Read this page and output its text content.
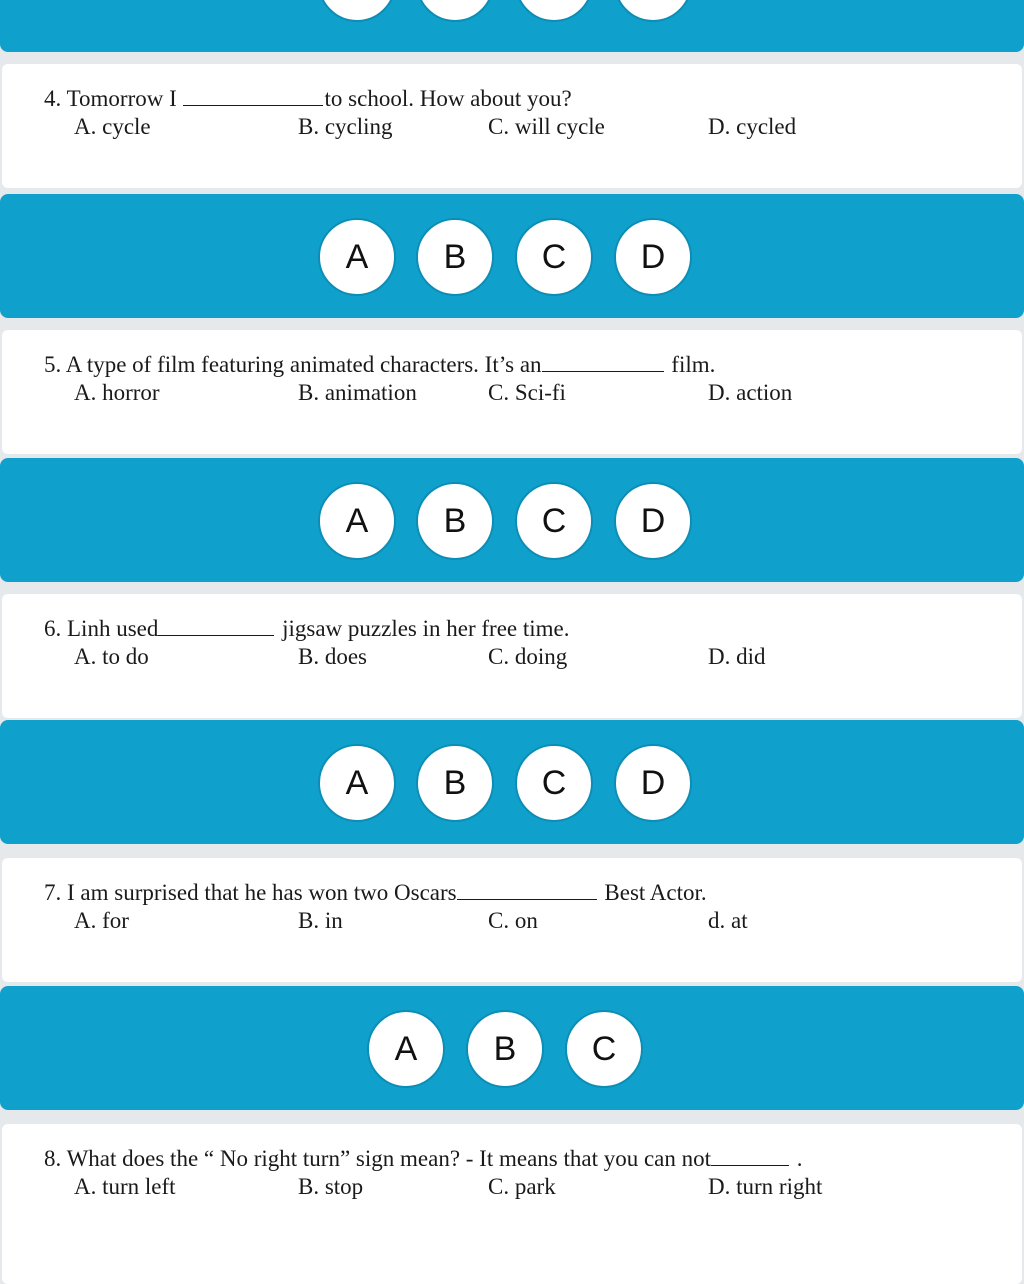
4. Tomorrow I	to school. How about you?
A. cycle	B. cycling	C. will cycle	D. cycled
A	B	C	D
5. A type of film featuring animated characters. It’s an	film.
A. horror	B. animation	C. Sci-fi	D. action
A	B	C	D
6. Linh used	jigsaw puzzles in her free time.
A. to do	B. does	C. doing	D. did
A	B	C	D
7. I am surprised that he has won two Oscars	Best Actor.
A. for	B. in	C. on	d. at
A	B	C
8. What does the “ No right turn” sign mean? - It means that you can not	.
A. turn left	B. stop	C. park	D. turn right
